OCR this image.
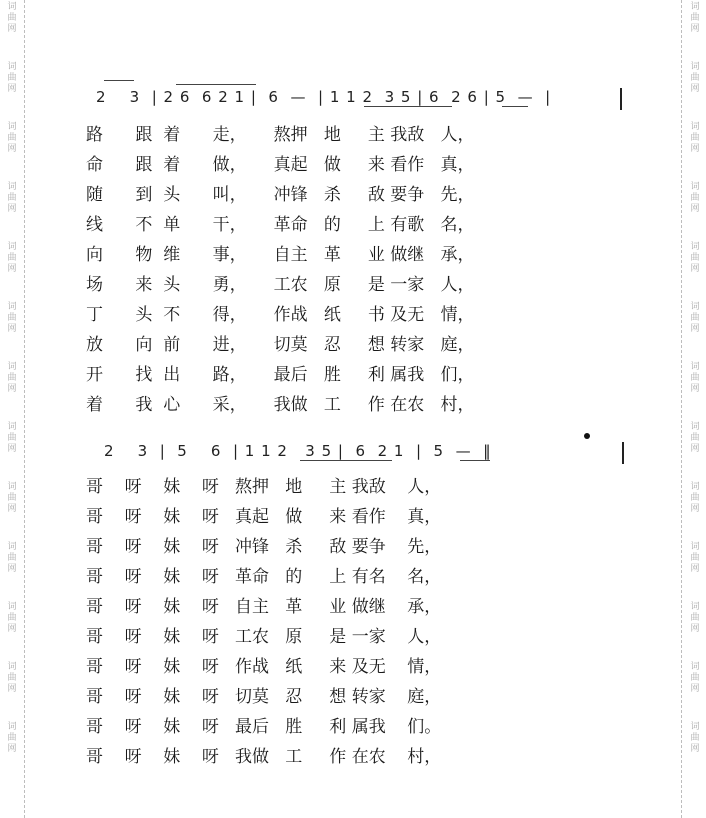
词
曲
网
词
曲
网
词
曲
网
词
曲
网
词
曲
网
词
曲
网
词
曲
网
词
曲
网
词
曲
网
词
曲
网
词
曲
网
词
曲
网
词
曲
网
词
曲
网
词
曲
网
词
曲
网
词
曲
网
词
曲
网
词
曲
网
词
曲
网
词
曲
网
词
曲
网
词
曲
网
词
曲
网
词
曲
网
词
曲
网
2    3  | 2 6  6 2 1 |  6  —  | 1 1 2  3 5 | 6  2 6 | 5  —  |
路      跟  着      走，     熬押   地     主 我敌   人，
命      跟  着      做，     真起   做     来 看作   真，
随      到  头      叫，     冲锋   杀     敌 要争   先，
线      不  单      干，     革命   的     上 有歌   名，
向      物  维      事，     自主   革     业 做继   承，
场      来  头      勇，     工农   原     是 一家   人，
丁      头  不      得，     作战   纸     书 及无   情，
放      向  前      进，     切莫   忍     想 转家   庭，
开      找  出      路，     最后   胜     利 属我   们，
着      我  心      采，     我做   工     作 在农   村，
2    3  |  5    6  | 1 1 2   3 5 |  6  2 1  |  5  —  ‖
哥    呀    妹    呀   熬押   地     主 我敌    人，
哥    呀    妹    呀   真起   做     来 看作    真，
哥    呀    妹    呀   冲锋   杀     敌 要争    先，
哥    呀    妹    呀   革命   的     上 有名    名，
哥    呀    妹    呀   自主   革     业 做继    承，
哥    呀    妹    呀   工农   原     是 一家    人，
哥    呀    妹    呀   作战   纸     来 及无    情，
哥    呀    妹    呀   切莫   忍     想 转家    庭，
哥    呀    妹    呀   最后   胜     利 属我    们。
哥    呀    妹    呀   我做   工     作 在农    村，
